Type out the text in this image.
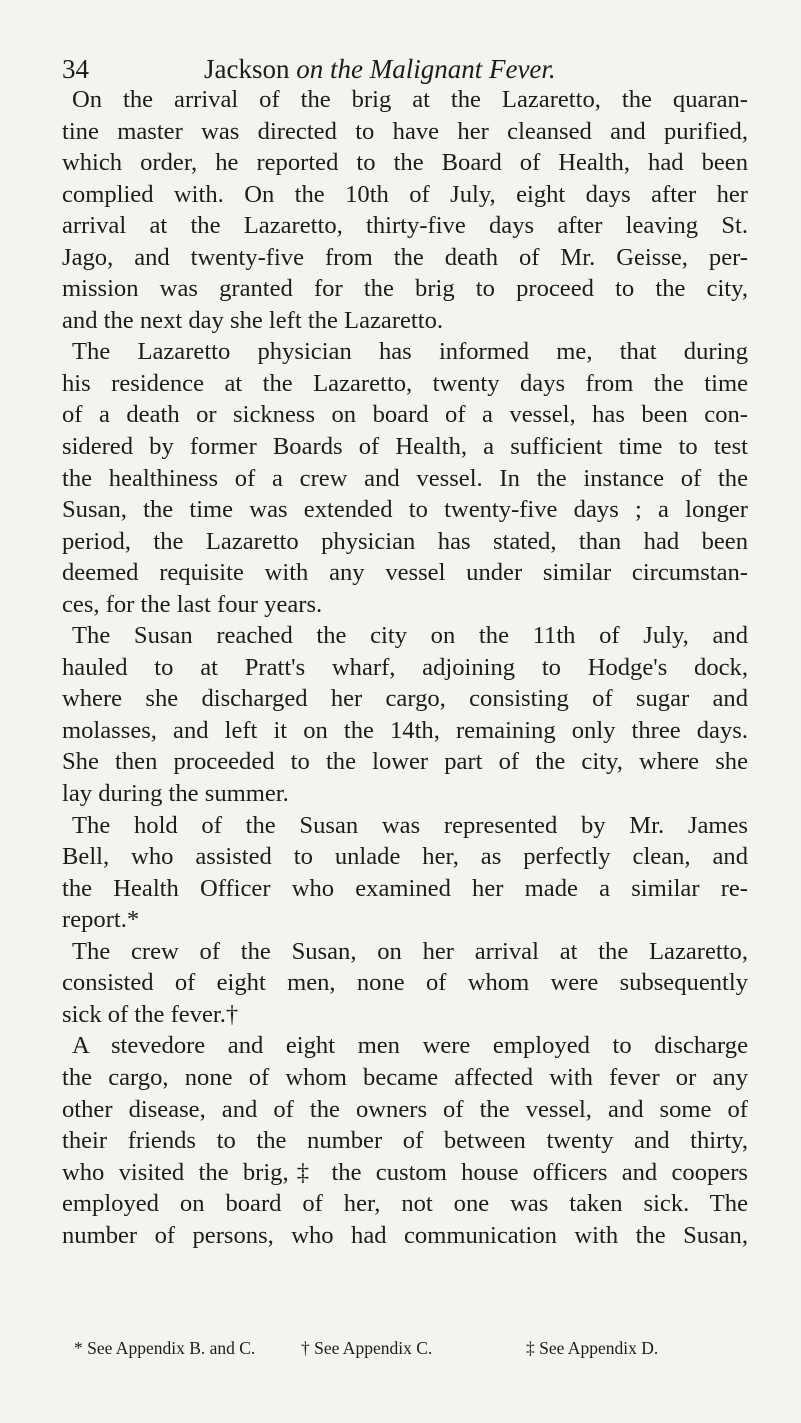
34	Jackson on the Malignant Fever.
On the arrival of the brig at the Lazaretto, the quaran-
tine master was directed to have her cleansed and purified,
which order, he reported to the Board of Health, had been
complied with. On the 10th of July, eight days after her
arrival at the Lazaretto, thirty-five days after leaving St.
Jago, and twenty-five from the death of Mr. Geisse, per-
mission was granted for the brig to proceed to the city,
and the next day she left the Lazaretto.
The Lazaretto physician has informed me, that during
his residence at the Lazaretto, twenty days from the time
of a death or sickness on board of a vessel, has been con-
sidered by former Boards of Health, a sufficient time to test
the healthiness of a crew and vessel. In the instance of the
Susan, the time was extended to twenty-five days ; a longer
period, the Lazaretto physician has stated, than had been
deemed requisite with any vessel under similar circumstan-
ces, for the last four years.
The Susan reached the city on the 11th of July, and
hauled to at Pratt's wharf, adjoining to Hodge's dock,
where she discharged her cargo, consisting of sugar and
molasses, and left it on the 14th, remaining only three days.
She then proceeded to the lower part of the city, where she
lay during the summer.
The hold of the Susan was represented by Mr. James
Bell, who assisted to unlade her, as perfectly clean, and
the Health Officer who examined her made a similar re-
report.*
The crew of the Susan, on her arrival at the Lazaretto,
consisted of eight men, none of whom were subsequently
sick of the fever.†
A stevedore and eight men were employed to discharge
the cargo, none of whom became affected with fever or any
other disease, and of the owners of the vessel, and some of
their friends to the number of between twenty and thirty,
who visited the brig,‡ the custom house officers and coopers
employed on board of her, not one was taken sick. The
number of persons, who had communication with the Susan,
* See Appendix B. and C.	† See Appendix C.	‡ See Appendix D.
